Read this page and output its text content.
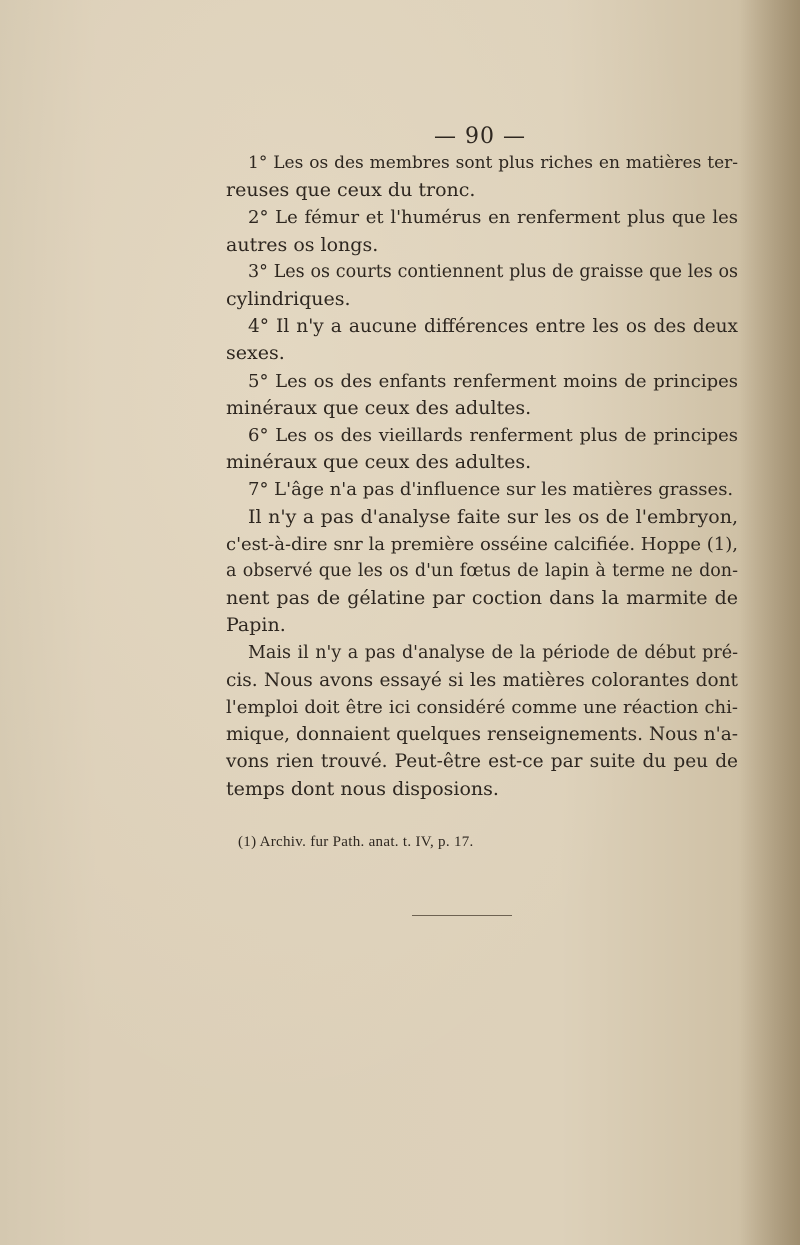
— 90 —
1° Les os des membres sont plus riches en matières ter-
reuses que ceux du tronc.
2° Le fémur et l'humérus en renferment plus que les
autres os longs.
3° Les os courts contiennent plus de graisse que les os
cylindriques.
4° Il n'y a aucune différences entre les os des deux
sexes.
5° Les os des enfants renferment moins de principes
minéraux que ceux des adultes.
6° Les os des vieillards renferment plus de principes
minéraux que ceux des adultes.
7° L'âge n'a pas d'influence sur les matières grasses.
Il n'y a pas d'analyse faite sur les os de l'embryon,
c'est-à-dire snr la première osséine calcifiée. Hoppe (1),
a observé que les os d'un fœtus de lapin à terme ne don-
nent pas de gélatine par coction dans la marmite de
Papin.
Mais il n'y a pas d'analyse de la période de début pré-
cis. Nous avons essayé si les matières colorantes dont
l'emploi doit être ici considéré comme une réaction chi-
mique, donnaient quelques renseignements. Nous n'a-
vons rien trouvé. Peut-être est-ce par suite du peu de
temps dont nous disposions.
(1) Archiv. fur Path. anat. t. IV, p. 17.
